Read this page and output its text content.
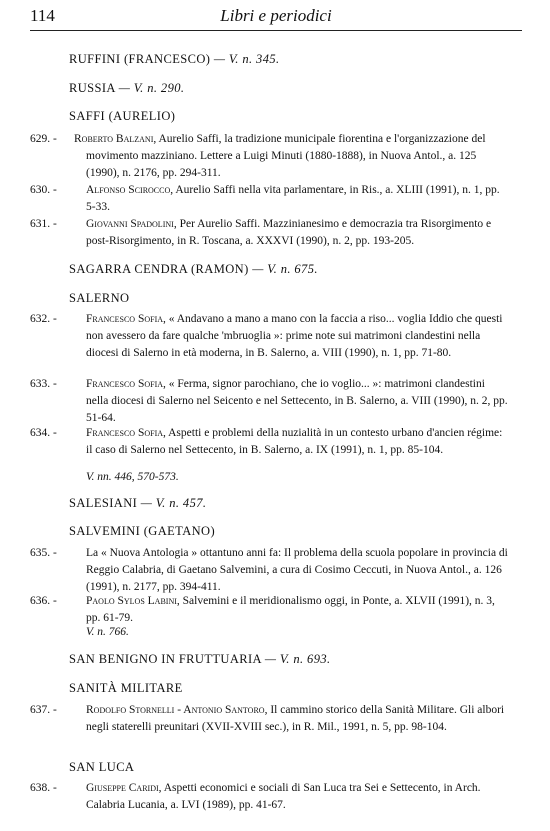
114	Libri e periodici
RUFFINI (FRANCESCO) — V. n. 345.
RUSSIA — V. n. 290.
SAFFI (AURELIO)
629. -	Roberto Balzani, Aurelio Saffi, la tradizione municipale fiorentina e l'organizzazione del movimento mazziniano. Lettere a Luigi Minuti (1880-1888), in Nuova Antol., a. 125 (1990), n. 2176, pp. 294-311.
630. -	Alfonso Scirocco, Aurelio Saffi nella vita parlamentare, in Ris., a. XLIII (1991), n. 1, pp. 5-33.
631. -	Giovanni Spadolini, Per Aurelio Saffi. Mazzinianesimo e democrazia tra Risorgimento e post-Risorgimento, in R. Toscana, a. XXXVI (1990), n. 2, pp. 193-205.
SAGARRA CENDRA (RAMON) — V. n. 675.
SALERNO
632. -	Francesco Sofia, « Andavano a mano a mano con la faccia a riso... voglia Iddio che questi non avessero da fare qualche 'mbruoglia »: prime note sui matrimoni clandestini nella diocesi di Salerno in età moderna, in B. Salerno, a. VIII (1990), n. 1, pp. 71-80.
633. -	Francesco Sofia, « Ferma, signor parochiano, che io voglio... »: matrimoni clandestini nella diocesi di Salerno nel Seicento e nel Settecento, in B. Salerno, a. VIII (1990), n. 2, pp. 51-64.
634. -	Francesco Sofia, Aspetti e problemi della nuzialità in un contesto urbano d'ancien régime: il caso di Salerno nel Settecento, in B. Salerno, a. IX (1991), n. 1, pp. 85-104.
V. nn. 446, 570-573.
SALESIANI — V. n. 457.
SALVEMINI (GAETANO)
635. -	La « Nuova Antologia » ottantuno anni fa: Il problema della scuola popolare in provincia di Reggio Calabria, di Gaetano Salvemini, a cura di Cosimo Ceccuti, in Nuova Antol., a. 126 (1991), n. 2177, pp. 394-411.
636. -	Paolo Sylos Labini, Salvemini e il meridionalismo oggi, in Ponte, a. XLVII (1991), n. 3, pp. 61-79.
V. n. 766.
SAN BENIGNO IN FRUTTUARIA — V. n. 693.
SANITÀ MILITARE
637. -	Rodolfo Stornelli - Antonio Santoro, Il cammino storico della Sanità Militare. Gli albori negli staterelli preunitari (XVII-XVIII sec.), in R. Mil., 1991, n. 5, pp. 98-104.
SAN LUCA
638. -	Giuseppe Caridi, Aspetti economici e sociali di San Luca tra Sei e Settecento, in Arch. Calabria Lucania, a. LVI (1989), pp. 41-67.
